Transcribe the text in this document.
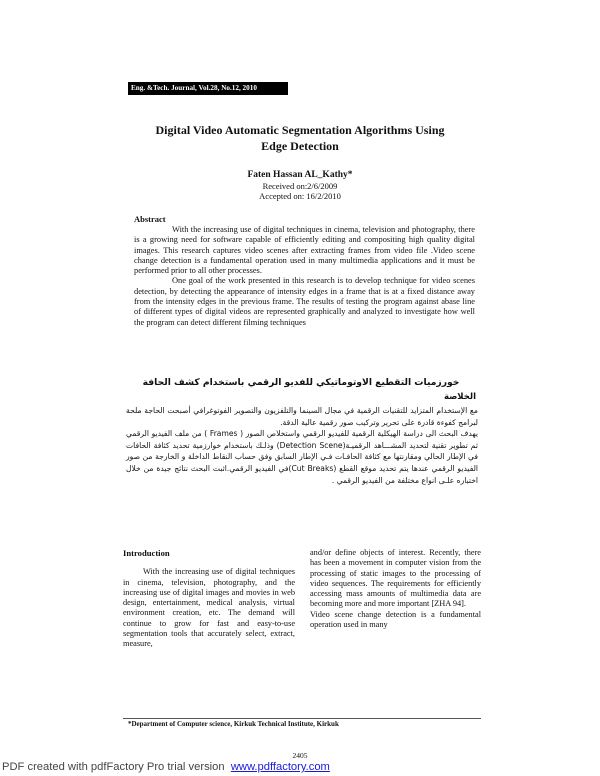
Eng. &Tech. Journal, Vol.28, No.12, 2010
Digital Video Automatic Segmentation Algorithms Using
Edge Detection
Faten Hassan AL_Kathy*
Received on:2/6/2009
Accepted on: 16/2/2010
Abstract

With the increasing use of digital techniques in cinema, television and photography, there is a growing need for software capable of efficiently editing and compositing high quality digital images. This research captures video scenes after extracting frames from video file .Video scene change detection is a fundamental operation used in many multimedia applications and it must be performed prior to all other processes.

One goal of the work presented in this research is to develop technique for video scenes detection, by detecting the appearance of intensity edges in a frame that is at a fixed distance away from the intensity edges in the previous frame. The results of testing the program against abase line of different types of digital videos are represented graphically and analyzed to investigate how well the program can detect different filming techniques

خورزميات التقطيع الاوتوماتيكي للفديو الرقمي باستخدام كشف الحافة
الخلاصة

مع الإستخدام المتزايد للتقنيات الرقمية في مجال السينما والتلفزيون والتصوير الفوتوغرافي أصبحت الحاجة ملحة لبرامج كفوءة قادرة على تحرير وتركيب صور رقمية عالية الدقة.

يهدف البحث الى دراسة الهيكلية الرقمية للفيديو الرقمي واستخلاص الصور ( Frames ) من ملف الفيديو الرقمي ثم تطوير تقنية لتحديد المشـــاهد الرقميـة(Detection Scene) وذلـك باستخدام خوارزمية تحديد كثافة الحافات في الإطار الحالي ومقارنتها مع كثافة الحافـات فـي الإطار السابق وفق حساب النقاط الداخلة و الخارجة من صور الفيديو الرقمي عندها يتم تحديد موقع القطع (Cut Breaks)في الفيديو الرقمي.اثبت البحث نتائج جيدة من خلال اختباره علـى انواع مختلفة من الفيديو الرقمي .

Introduction

With the increasing use of digital techniques in cinema, television, photography, and the increasing use of digital images and movies in web design, entertainment, medical analysis, virtual environment creation, etc. The demand will continue to grow for fast and easy-to-use segmentation tools that accurately select, extract, measure,

and/or define objects of interest. Recently, there has been a movement in computer vision from the processing of static images to the processing of video sequences. The requirements for efficiently accessing mass amounts of multimedia data are becoming more and more important [ZHA 94].

Video scene change detection is a fundamental operation used in many

*Department of Computer science, Kirkuk Technical Institute, Kirkuk
2405
PDF created with pdfFactory Pro trial version www.pdffactory.com
